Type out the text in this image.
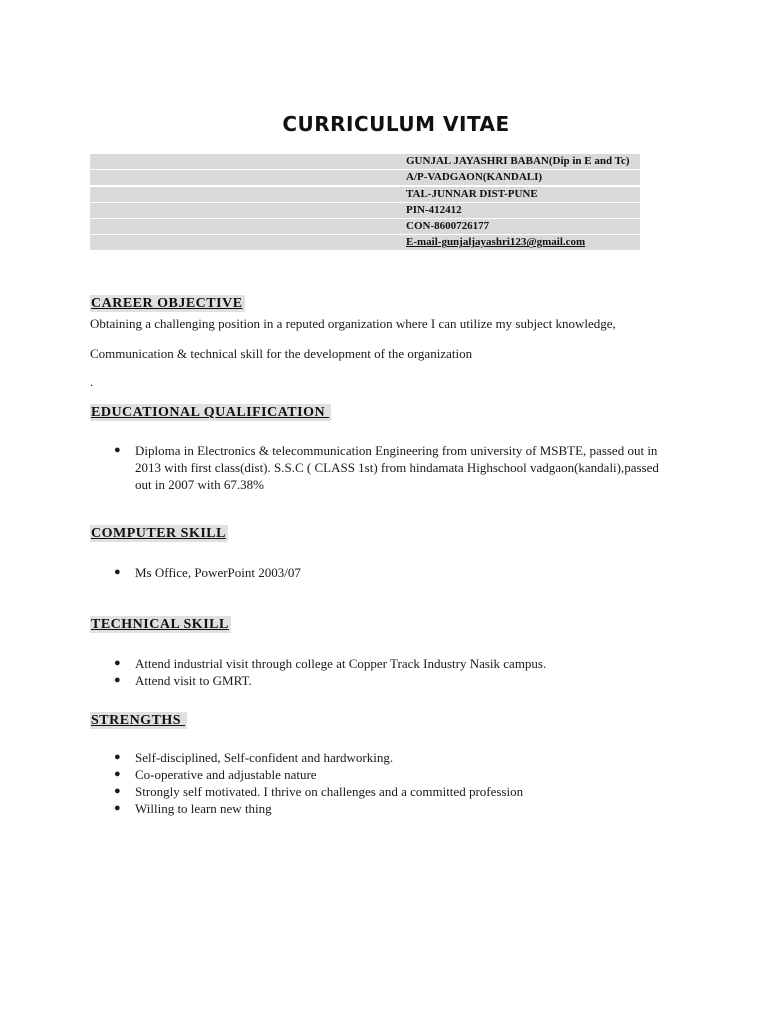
CURRICULUM VITAE
GUNJAL JAYASHRI BABAN(Dip in E and Tc)
A/P-VADGAON(KANDALI)
TAL-JUNNAR DIST-PUNE
PIN-412412
CON-8600726177
E-mail-gunjaljayashri123@gmail.com
CAREER OBJECTIVE
Obtaining a challenging position in a reputed organization where I can utilize my subject knowledge,
Communication & technical skill for the development of the organization
.
EDUCATIONAL QUALIFICATION
● Diploma in Electronics & telecommunication Engineering from university of MSBTE, passed out in 2013 with first class(dist). S.S.C ( CLASS 1st) from hindamata Highschool vadgaon(kandali),passed out in 2007 with 67.38%
COMPUTER SKILL
● Ms Office, PowerPoint 2003/07
TECHNICAL SKILL
● Attend industrial visit through college at Copper Track Industry Nasik campus.
● Attend visit to GMRT.
STRENGTHS
● Self-disciplined, Self-confident and hardworking.
● Co-operative and adjustable nature
● Strongly self motivated. I thrive on challenges and a committed profession
● Willing to learn new thing
